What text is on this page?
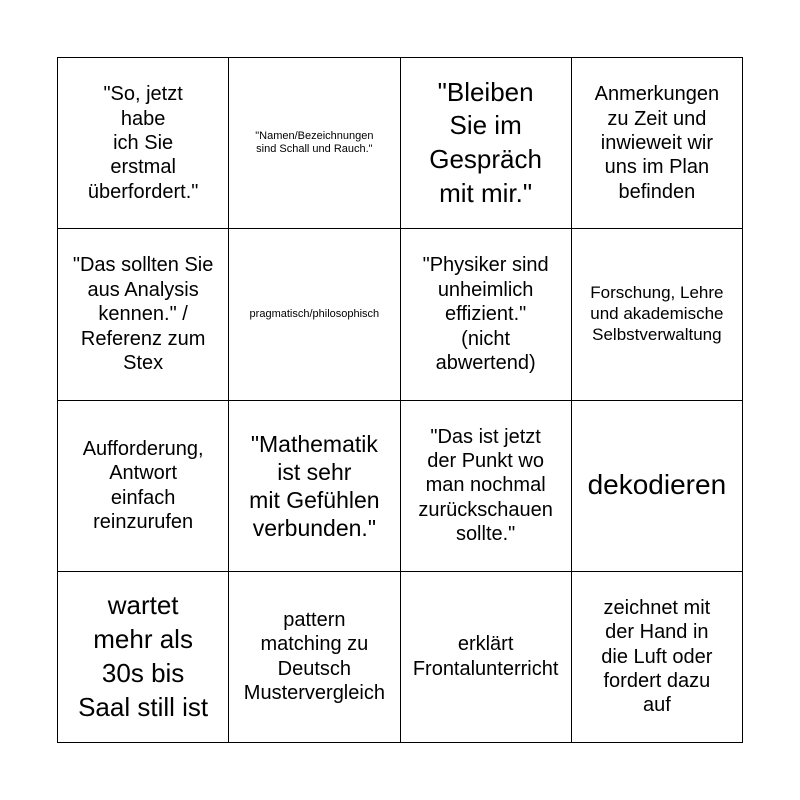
"So, jetzt
habe
ich Sie
erstmal
überfordert."
"Namen/Bezeichnungen
sind Schall und Rauch."
"Bleiben
Sie im
Gespräch
mit mir."
Anmerkungen
zu Zeit und
inwieweit wir
uns im Plan
befinden
"Das sollten Sie
aus Analysis
kennen." /
Referenz zum
Stex
pragmatisch/philosophisch
"Physiker sind
unheimlich
effizient."
(nicht
abwertend)
Forschung, Lehre
und akademische
Selbstverwaltung
Aufforderung,
Antwort
einfach
reinzurufen
"Mathematik
ist sehr
mit Gefühlen
verbunden."
"Das ist jetzt
der Punkt wo
man nochmal
zurückschauen
sollte."
dekodieren
wartet
mehr als
30s bis
Saal still ist
pattern
matching zu
Deutsch
Mustervergleich
erklärt
Frontalunterricht
zeichnet mit
der Hand in
die Luft oder
fordert dazu
auf
